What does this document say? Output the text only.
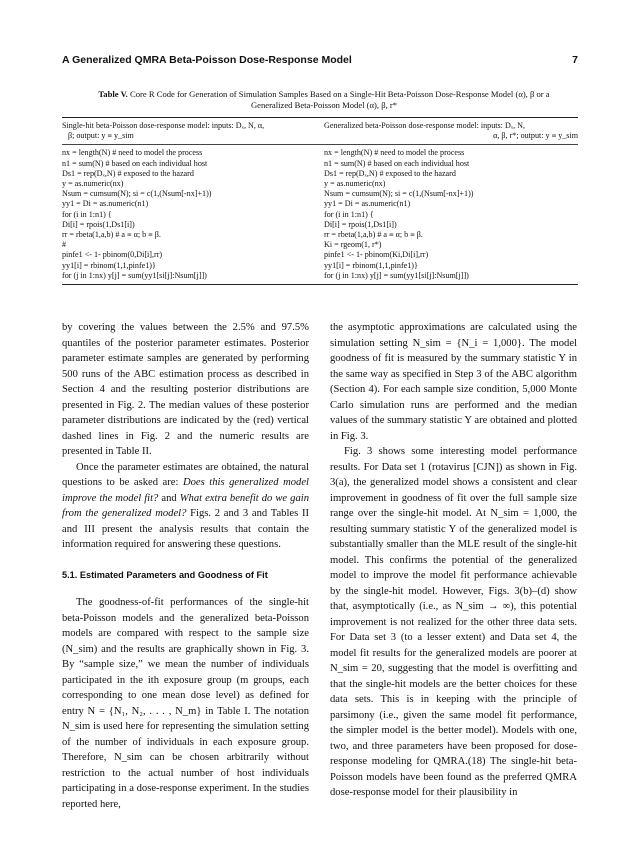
A Generalized QMRA Beta-Poisson Dose-Response Model	7
Table V. Core R Code for Generation of Simulation Samples Based on a Single-Hit Beta-Poisson Dose-Response Model (α), β or a
Generalized Beta-Poisson Model (α), β, r*
Single-hit beta-Poisson dose-response model: inputs: Dₓ, N, α,
β; output: y ≡ y_sim
Generalized beta-Poisson dose-response model: inputs: Dₓ, N,
α, β, r*; output: y ≡ y_sim
nx = length(N) # need to model the process
n1 = sum(N) # based on each individual host
Ds1 = rep(Dₓ,N) # exposed to the hazard
y = as.numeric(nx)
Nsum = cumsum(N); si = c(1,(Nsum[-nx]+1))
yy1 = Di = as.numeric(n1)
for (i in 1:n1) {
Di[i] = rpois(1,Ds1[i])
rr = rbeta(1,a,b) # a ≡ α; b ≡ β.
#
pinfe1 <- 1- pbinom(0,Di[i],rr)
yy1[i] = rbinom(1,1,pinfe1)}
for (j in 1:nx) y[j] = sum(yy1[si[j]:Nsum[j]])
nx = length(N) # need to model the process
n1 = sum(N) # based on each individual host
Ds1 = rep(Dₓ,N) # exposed to the hazard
y = as.numeric(nx)
Nsum = cumsum(N); si = c(1,(Nsum[-nx]+1))
yy1 = Di = as.numeric(n1)
for (i in 1:n1) {
Di[i] = rpois(1,Ds1[i])
rr = rbeta(1,a,b) # a ≡ α; b ≡ β.
Ki = rgeom(1, r*)
pinfe1 <- 1- pbinom(Ki,Di[i],rr)
yy1[i] = rbinom(1,1,pinfe1)}
for (j in 1:nx) y[j] = sum(yy1[si[j]:Nsum[j]])

by covering the values between the 2.5% and 97.5% quantiles of the posterior parameter estimates. Posterior parameter estimate samples are generated by performing 500 runs of the ABC estimation process as described in Section 4 and the resulting posterior distributions are presented in Fig. 2. The median values of these posterior parameter distributions are indicated by the (red) vertical dashed lines in Fig. 2 and the numeric results are presented in Table II.

Once the parameter estimates are obtained, the natural questions to be asked are: Does this generalized model improve the model fit? and What extra benefit do we gain from the generalized model? Figs. 2 and 3 and Tables II and III present the analysis results that contain the information required for answering these questions.

5.1. Estimated Parameters and Goodness of Fit

The goodness-of-fit performances of the single-hit beta-Poisson models and the generalized beta-Poisson models are compared with respect to the sample size (N_sim) and the results are graphically shown in Fig. 3. By “sample size,” we mean the number of individuals participated in the ith exposure group (m groups, each corresponding to one mean dose level) as defined for entry N = {N₁, N₂, . . . , N_m} in Table I. The notation N_sim is used here for representing the simulation setting of the number of individuals in each exposure group. Therefore, N_sim can be chosen arbitrarily without restriction to the actual number of host individuals participating in a dose-response experiment. In the studies reported here,

the asymptotic approximations are calculated using the simulation setting N_sim = {N_i = 1,000}. The model goodness of fit is measured by the summary statistic Y in the same way as specified in Step 3 of the ABC algorithm (Section 4). For each sample size condition, 5,000 Monte Carlo simulation runs are performed and the median values of the summary statistic Y are obtained and plotted in Fig. 3.

Fig. 3 shows some interesting model performance results. For Data set 1 (rotavirus [CJN]) as shown in Fig. 3(a), the generalized model shows a consistent and clear improvement in goodness of fit over the full sample size range over the single-hit model. At N_sim = 1,000, the resulting summary statistic Y of the generalized model is substantially smaller than the MLE result of the single-hit model. This confirms the potential of the generalized model to improve the model fit performance achievable by the single-hit model. However, Figs. 3(b)–(d) show that, asymptotically (i.e., as N_sim → ∞), this potential improvement is not realized for the other three data sets. For Data set 3 (to a lesser extent) and Data set 4, the model fit results for the generalized models are poorer at N_sim = 20, suggesting that the model is overfitting and that the single-hit models are the better choices for these data sets. This is in keeping with the principle of parsimony (i.e., given the same model fit performance, the simpler model is the better model). Models with one, two, and three parameters have been proposed for dose-response modeling for QMRA.(18) The single-hit beta-Poisson models have been found as the preferred QMRA dose-response model for their plausibility in
